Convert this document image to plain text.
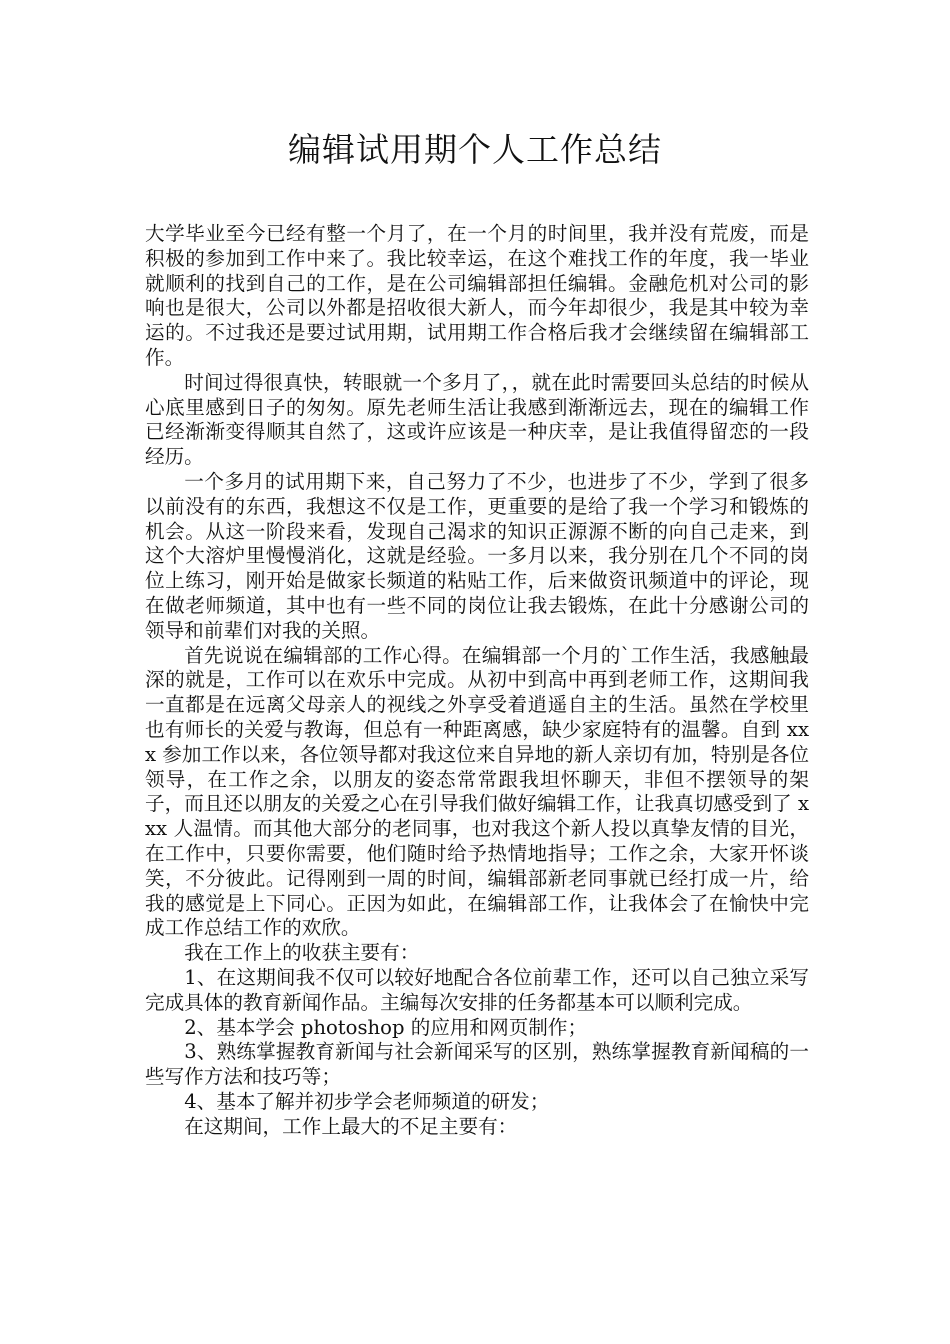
编辑试用期个人工作总结

大学毕业至今已经有整一个月了，在一个月的时间里，我并没有荒废，而是积极的参加到工作中来了。我比较幸运，在这个难找工作的年度，我一毕业就顺利的找到自己的工作，是在公司编辑部担任编辑。金融危机对公司的影响也是很大，公司以外都是招收很大新人，而今年却很少，我是其中较为幸运的。不过我还是要过试用期，试用期工作合格后我才会继续留在编辑部工作。

时间过得很真快，转眼就一个多月了，，就在此时需要回头总结的时候从心底里感到日子的匆匆。原先老师生活让我感到渐渐远去，现在的编辑工作已经渐渐变得顺其自然了，这或许应该是一种庆幸，是让我值得留恋的一段经历。

一个多月的试用期下来，自己努力了不少，也进步了不少，学到了很多以前没有的东西，我想这不仅是工作，更重要的是给了我一个学习和锻炼的机会。从这一阶段来看，发现自己渴求的知识正源源不断的向自己走来，到这个大溶炉里慢慢消化，这就是经验。一多月以来，我分别在几个不同的岗位上练习，刚开始是做家长频道的粘贴工作，后来做资讯频道中的评论，现在做老师频道，其中也有一些不同的岗位让我去锻炼，在此十分感谢公司的领导和前辈们对我的关照。

首先说说在编辑部的工作心得。在编辑部一个月的`工作生活，我感触最深的就是，工作可以在欢乐中完成。从初中到高中再到老师工作，这期间我一直都是在远离父母亲人的视线之外享受着逍遥自主的生活。虽然在学校里也有师长的关爱与教诲，但总有一种距离感，缺少家庭特有的温馨。自到 xxx 参加工作以来，各位领导都对我这位来自异地的新人亲切有加，特别是各位领导，在工作之余，以朋友的姿态常常跟我坦怀聊天，非但不摆领导的架子，而且还以朋友的关爱之心在引导我们做好编辑工作，让我真切感受到了 xxx 人温情。而其他大部分的老同事，也对我这个新人投以真挚友情的目光，在工作中，只要你需要，他们随时给予热情地指导；工作之余，大家开怀谈笑，不分彼此。记得刚到一周的时间，编辑部新老同事就已经打成一片，给我的感觉是上下同心。正因为如此，在编辑部工作，让我体会了在愉快中完成工作总结工作的欢欣。

我在工作上的收获主要有：

1、在这期间我不仅可以较好地配合各位前辈工作，还可以自己独立采写完成具体的教育新闻作品。主编每次安排的任务都基本可以顺利完成。

2、基本学会 photoshop 的应用和网页制作；

3、熟练掌握教育新闻与社会新闻采写的区别，熟练掌握教育新闻稿的一些写作方法和技巧等；

4、基本了解并初步学会老师频道的研发；

在这期间，工作上最大的不足主要有：
